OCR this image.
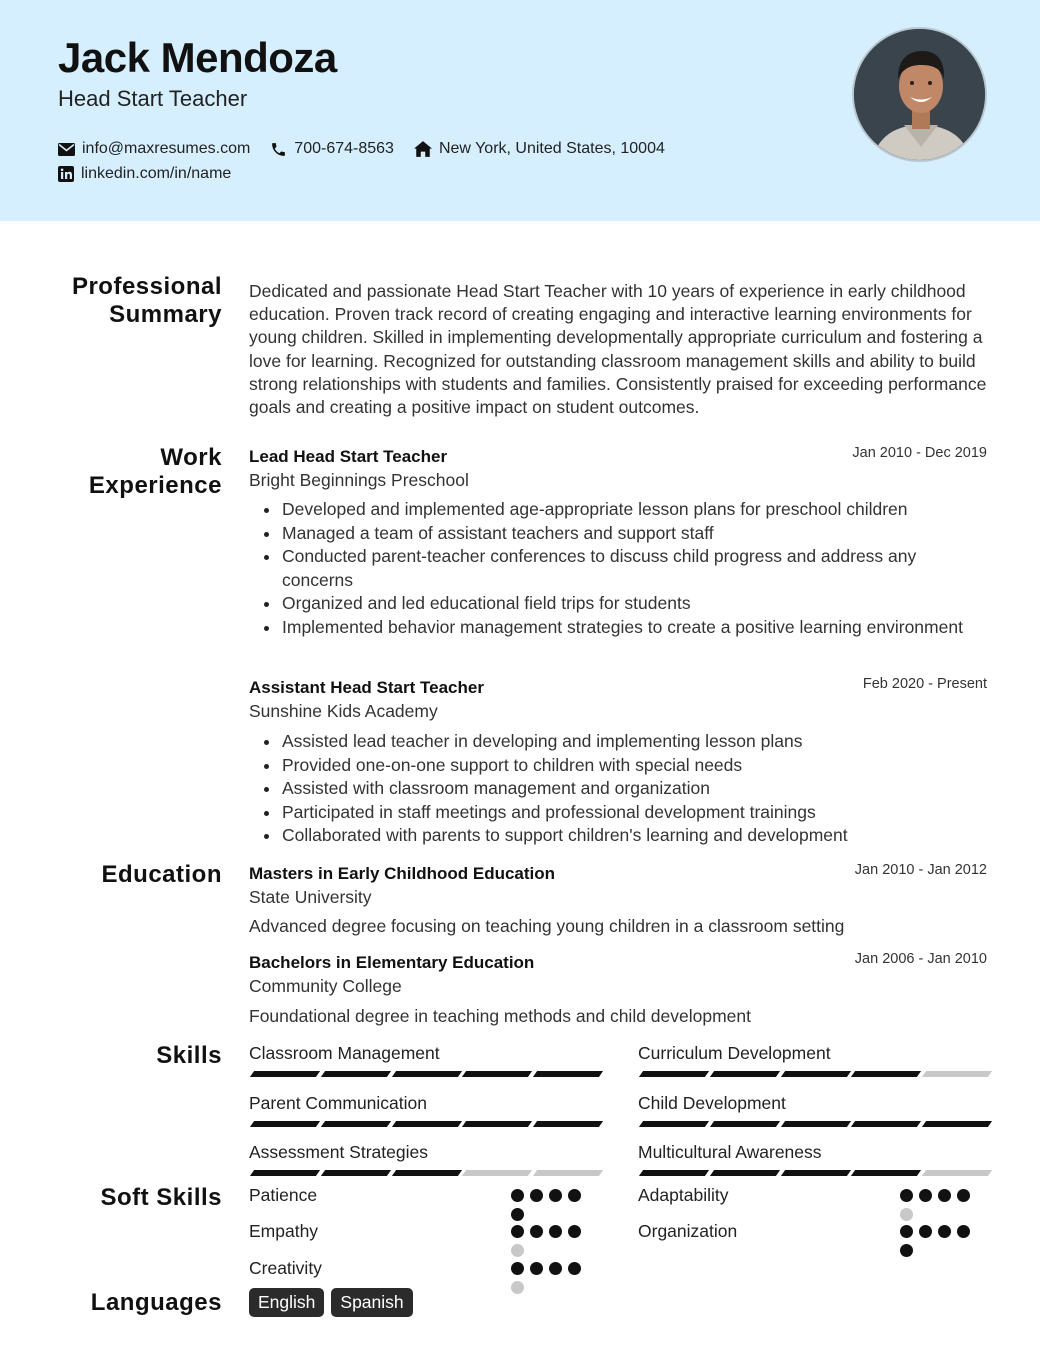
Jack Mendoza
Head Start Teacher
info@maxresumes.com	700-674-8563	New York, United States, 10004
linkedin.com/in/name
Professional
Summary
Dedicated and passionate Head Start Teacher with 10 years of experience in early childhood education. Proven track record of creating engaging and interactive learning environments for young children. Skilled in implementing developmentally appropriate curriculum and fostering a love for learning. Recognized for outstanding classroom management skills and ability to build strong relationships with students and families. Consistently praised for exceeding performance goals and creating a positive impact on student outcomes.
Work
Experience
Lead Head Start Teacher	Jan 2010 - Dec 2019
Bright Beginnings Preschool
Developed and implemented age-appropriate lesson plans for preschool children
Managed a team of assistant teachers and support staff
Conducted parent-teacher conferences to discuss child progress and address any concerns
Organized and led educational field trips for students
Implemented behavior management strategies to create a positive learning environment
Assistant Head Start Teacher	Feb 2020 - Present
Sunshine Kids Academy
Assisted lead teacher in developing and implementing lesson plans
Provided one-on-one support to children with special needs
Assisted with classroom management and organization
Participated in staff meetings and professional development trainings
Collaborated with parents to support children's learning and development
Education Masters in Early Childhood Education	Jan 2010 - Jan 2012
State University
Advanced degree focusing on teaching young children in a classroom setting
Bachelors in Elementary Education	Jan 2006 - Jan 2010
Community College
Foundational degree in teaching methods and child development
Skills Classroom Management	Curriculum Development
Parent Communication	Child Development
Assessment Strategies	Multicultural Awareness
Soft Skills Patience	Adaptability
Empathy	Organization
Creativity
Languages	English	Spanish
